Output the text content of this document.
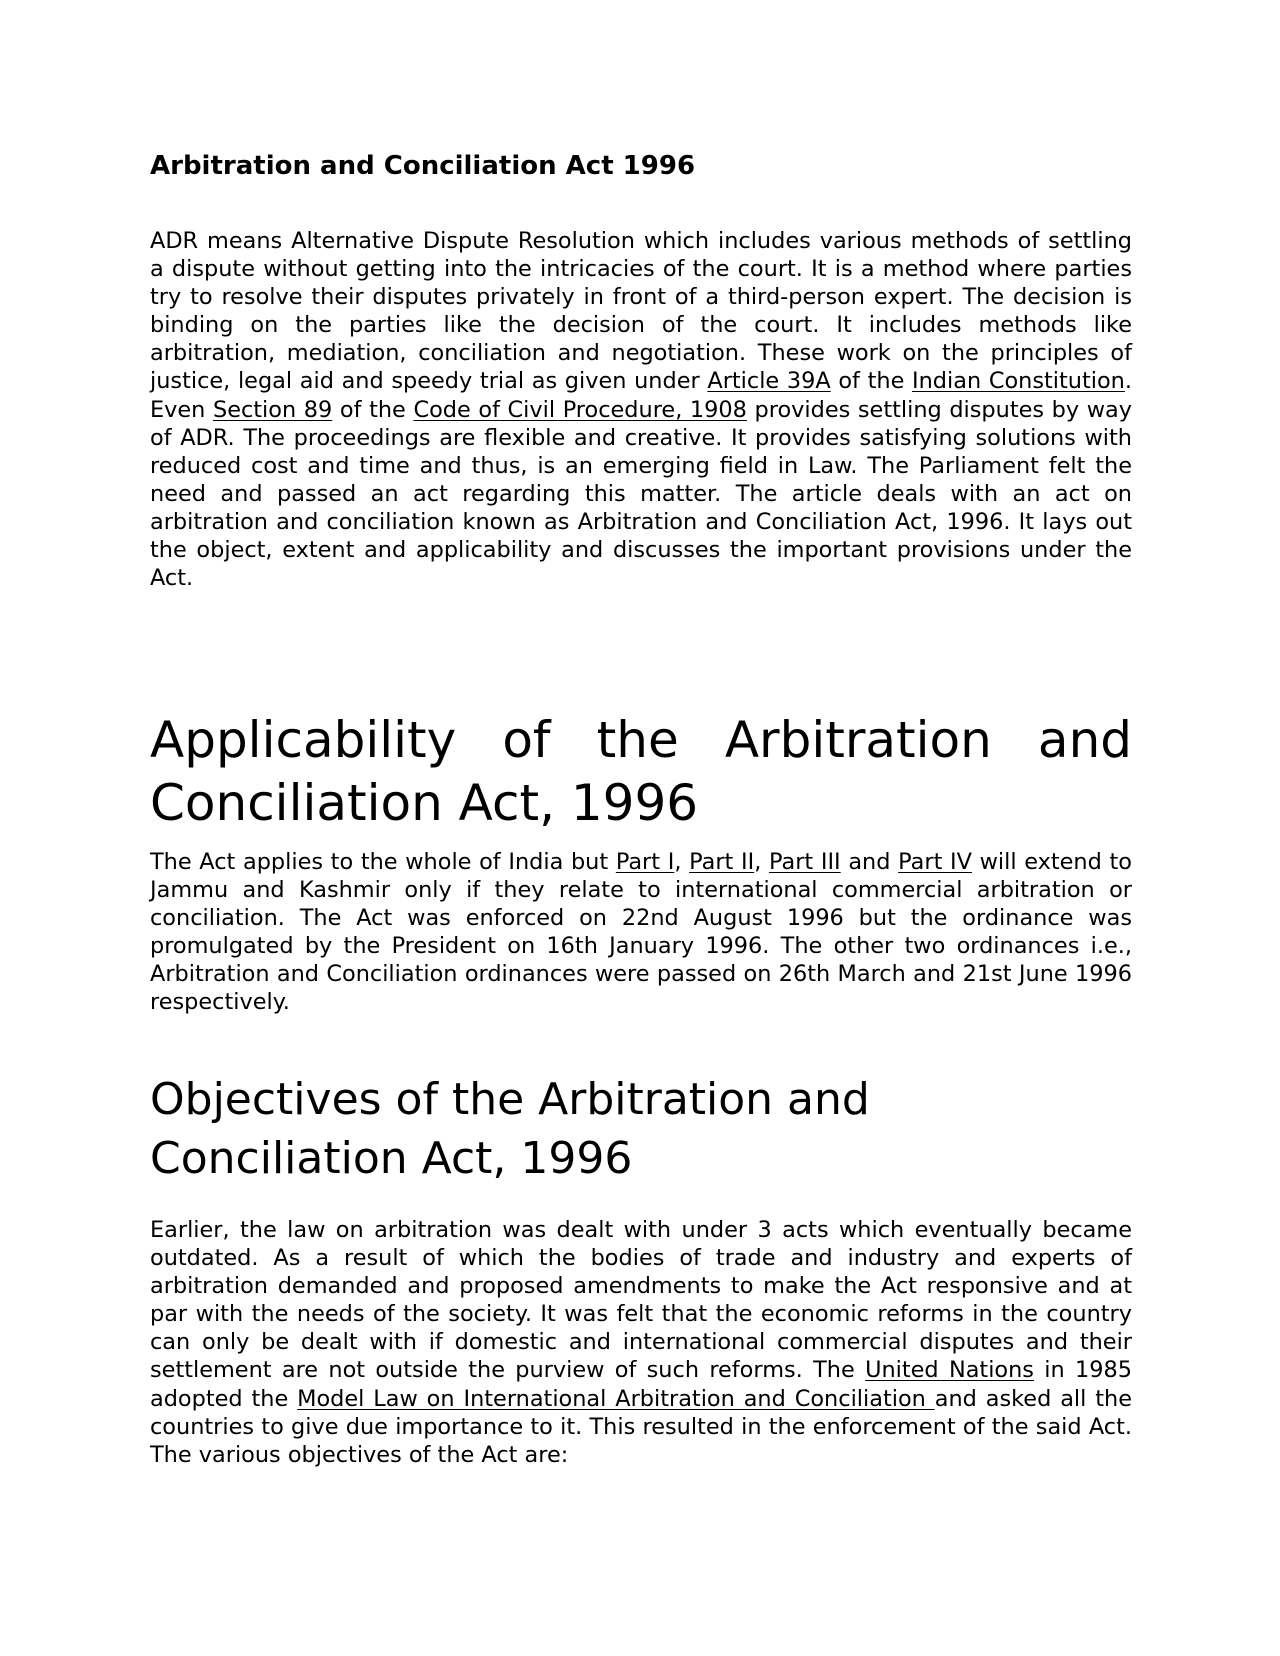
Arbitration and Conciliation Act 1996

ADR means Alternative Dispute Resolution which includes various methods of settling a dispute without getting into the intricacies of the court. It is a method where parties try to resolve their disputes privately in front of a third-person expert. The decision is binding on the parties like the decision of the court. It includes methods like arbitration, mediation, conciliation and negotiation. These work on the principles of justice, legal aid and speedy trial as given under Article 39A of the Indian Constitution. Even Section 89 of the Code of Civil Procedure, 1908 provides settling disputes by way of ADR. The proceedings are flexible and creative. It provides satisfying solutions with reduced cost and time and thus, is an emerging field in Law. The Parliament felt the need and passed an act regarding this matter. The article deals with an act on arbitration and conciliation known as Arbitration and Conciliation Act, 1996. It lays out the object, extent and applicability and discusses the important provisions under the Act.

Applicability of the Arbitration and Conciliation Act, 1996

The Act applies to the whole of India but Part I, Part II, Part III and Part IV will extend to Jammu and Kashmir only if they relate to international commercial arbitration or conciliation. The Act was enforced on 22nd August 1996 but the ordinance was promulgated by the President on 16th January 1996. The other two ordinances i.e., Arbitration and Conciliation ordinances were passed on 26th March and 21st June 1996 respectively.

Objectives of the Arbitration and Conciliation Act, 1996

Earlier, the law on arbitration was dealt with under 3 acts which eventually became outdated. As a result of which the bodies of trade and industry and experts of arbitration demanded and proposed amendments to make the Act responsive and at par with the needs of the society. It was felt that the economic reforms in the country can only be dealt with if domestic and international commercial disputes and their settlement are not outside the purview of such reforms. The United Nations in 1985 adopted the Model Law on International Arbitration and Conciliation and asked all the countries to give due importance to it. This resulted in the enforcement of the said Act. The various objectives of the Act are:
